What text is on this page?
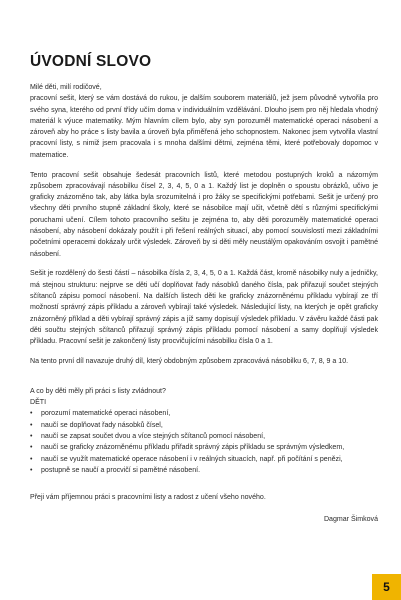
ÚVODNÍ SLOVO

Milé děti, milí rodičové,

pracovní sešit, který se vám dostává do rukou, je dalším souborem materiálů, jež jsem původně vytvořila pro svého syna, kterého od první třídy učím doma v individuálním vzdělávání. Dlouho jsem pro něj hledala vhodný materiál k výuce matematiky. Mým hlavním cílem bylo, aby syn porozuměl matematické operaci násobení a zároveň aby ho práce s listy bavila a úroveň byla přiměřená jeho schopnostem. Nakonec jsem vytvořila vlastní pracovní listy, s nimiž jsem pracovala i s mnoha dalšími dětmi, zejména těmi, které potřebovaly dopomoc v matematice.

Tento pracovní sešit obsahuje šedesát pracovních listů, které metodou postupných kroků a názorným způsobem zpracovávají násobilku čísel 2, 3, 4, 5, 0 a 1. Každý list je doplněn o spoustu obrázků, učivo je graficky znázorněno tak, aby látka byla srozumitelná i pro žáky se specifickými potřebami. Sešit je určený pro všechny děti prvního stupně základní školy, které se násobilce mají učit, včetně dětí s různými specifickými poruchami učení. Cílem tohoto pracovního sešitu je zejména to, aby děti porozuměly matematické operaci násobení, aby násobení dokázaly použít i při řešení reálných situací, aby pomocí souvislostí mezi základními početními operacemi dokázaly určit výsledek. Zároveň by si děti měly neustálým opakováním osvojit i pamětné násobení.

Sešit je rozdělený do šesti částí – násobilka čísla 2, 3, 4, 5, 0 a 1. Každá část, kromě násobilky nuly a jedničky, má stejnou strukturu: nejprve se děti učí doplňovat řady násobků daného čísla, pak přiřazují součet stejných sčítanců zápisu pomocí násobení. Na dalších listech děti ke graficky znázorněnému příkladu vybírají ze tří možností správný zápis příkladu a zároveň vybírají také výsledek. Následující listy, na kterých je opět graficky znázorněný příklad a děti vybírají správný zápis a již samy dopisují výsledek příkladu. V závěru každé části pak děti součtu stejných sčítanců přiřazují správný zápis příkladu pomocí násobení a samy doplňují výsledek příkladu. Pracovní sešit je zakončený listy procvičujícími násobilku čísla 0 a 1.

Na tento první díl navazuje druhý díl, který obdobným způsobem zpracovává násobilku 6, 7, 8, 9 a 10.

A co by děti měly při práci s listy zvládnout?
DĚTI
• porozumí matematické operaci násobení,
• naučí se doplňovat řady násobků čísel,
• naučí se zapsat součet dvou a více stejných sčítanců pomocí násobení,
• naučí se graficky znázorněnému příkladu přiřadit správný zápis příkladu se správným výsledkem,
• naučí se využít matematické operace násobení i v reálných situacích, např. při počítání s penězi,
• postupně se naučí a procvičí si pamětné násobení.
Přeji vám příjemnou práci s pracovními listy a radost z učení všeho nového.
Dagmar Šimková
5
